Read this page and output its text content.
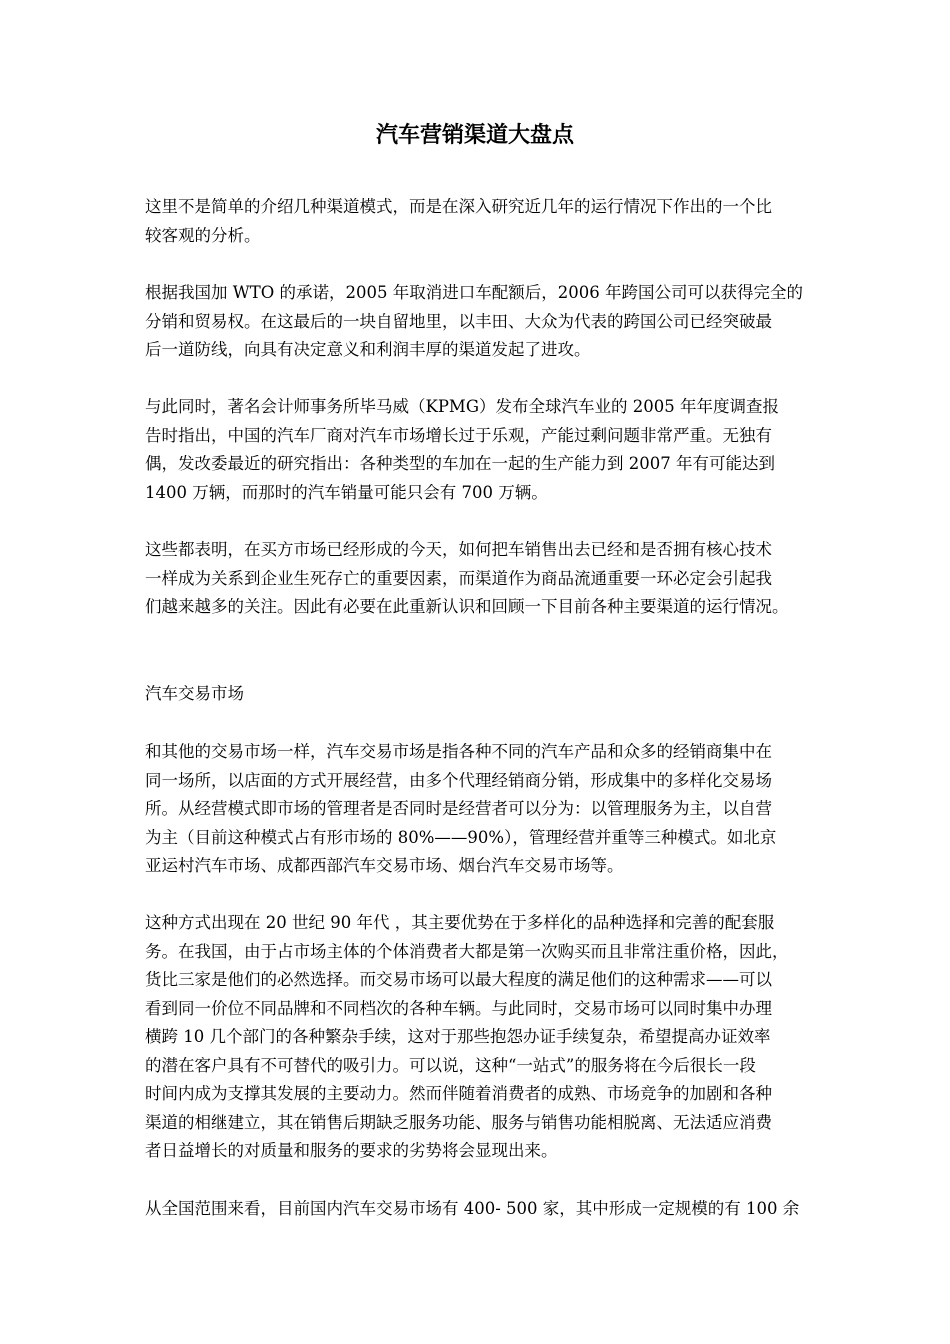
汽车营销渠道大盘点
这里不是简单的介绍几种渠道模式，而是在深入研究近几年的运行情况下作出的一个比
较客观的分析。
根据我国加 WTO 的承诺，2005 年取消进口车配额后，2006 年跨国公司可以获得完全的
分销和贸易权。在这最后的一块自留地里，以丰田、大众为代表的跨国公司已经突破最
后一道防线，向具有决定意义和利润丰厚的渠道发起了进攻。
与此同时，著名会计师事务所毕马威（KPMG）发布全球汽车业的 2005 年年度调查报
告时指出，中国的汽车厂商对汽车市场增长过于乐观，产能过剩问题非常严重。无独有
偶，发改委最近的研究指出：各种类型的车加在一起的生产能力到 2007 年有可能达到
1400 万辆，而那时的汽车销量可能只会有 700 万辆。
这些都表明，在买方市场已经形成的今天，如何把车销售出去已经和是否拥有核心技术
一样成为关系到企业生死存亡的重要因素，而渠道作为商品流通重要一环必定会引起我
们越来越多的关注。因此有必要在此重新认识和回顾一下目前各种主要渠道的运行情况。
汽车交易市场
和其他的交易市场一样，汽车交易市场是指各种不同的汽车产品和众多的经销商集中在
同一场所，以店面的方式开展经营，由多个代理经销商分销，形成集中的多样化交易场
所。从经营模式即市场的管理者是否同时是经营者可以分为：以管理服务为主，以自营
为主（目前这种模式占有形市场的 80%——90%），管理经营并重等三种模式。如北京
亚运村汽车市场、成都西部汽车交易市场、烟台汽车交易市场等。
这种方式出现在 20 世纪 90 年代 ，其主要优势在于多样化的品种选择和完善的配套服
务。在我国，由于占市场主体的个体消费者大都是第一次购买而且非常注重价格，因此，
货比三家是他们的必然选择。而交易市场可以最大程度的满足他们的这种需求——可以
看到同一价位不同品牌和不同档次的各种车辆。与此同时，交易市场可以同时集中办理
横跨 10 几个部门的各种繁杂手续，这对于那些抱怨办证手续复杂，希望提高办证效率
的潜在客户具有不可替代的吸引力。可以说，这种“一站式”的服务将在今后很长一段
时间内成为支撑其发展的主要动力。然而伴随着消费者的成熟、市场竞争的加剧和各种
渠道的相继建立，其在销售后期缺乏服务功能、服务与销售功能相脱离、无法适应消费
者日益增长的对质量和服务的要求的劣势将会显现出来。
从全国范围来看，目前国内汽车交易市场有 400- 500 家，其中形成一定规模的有 100 余
